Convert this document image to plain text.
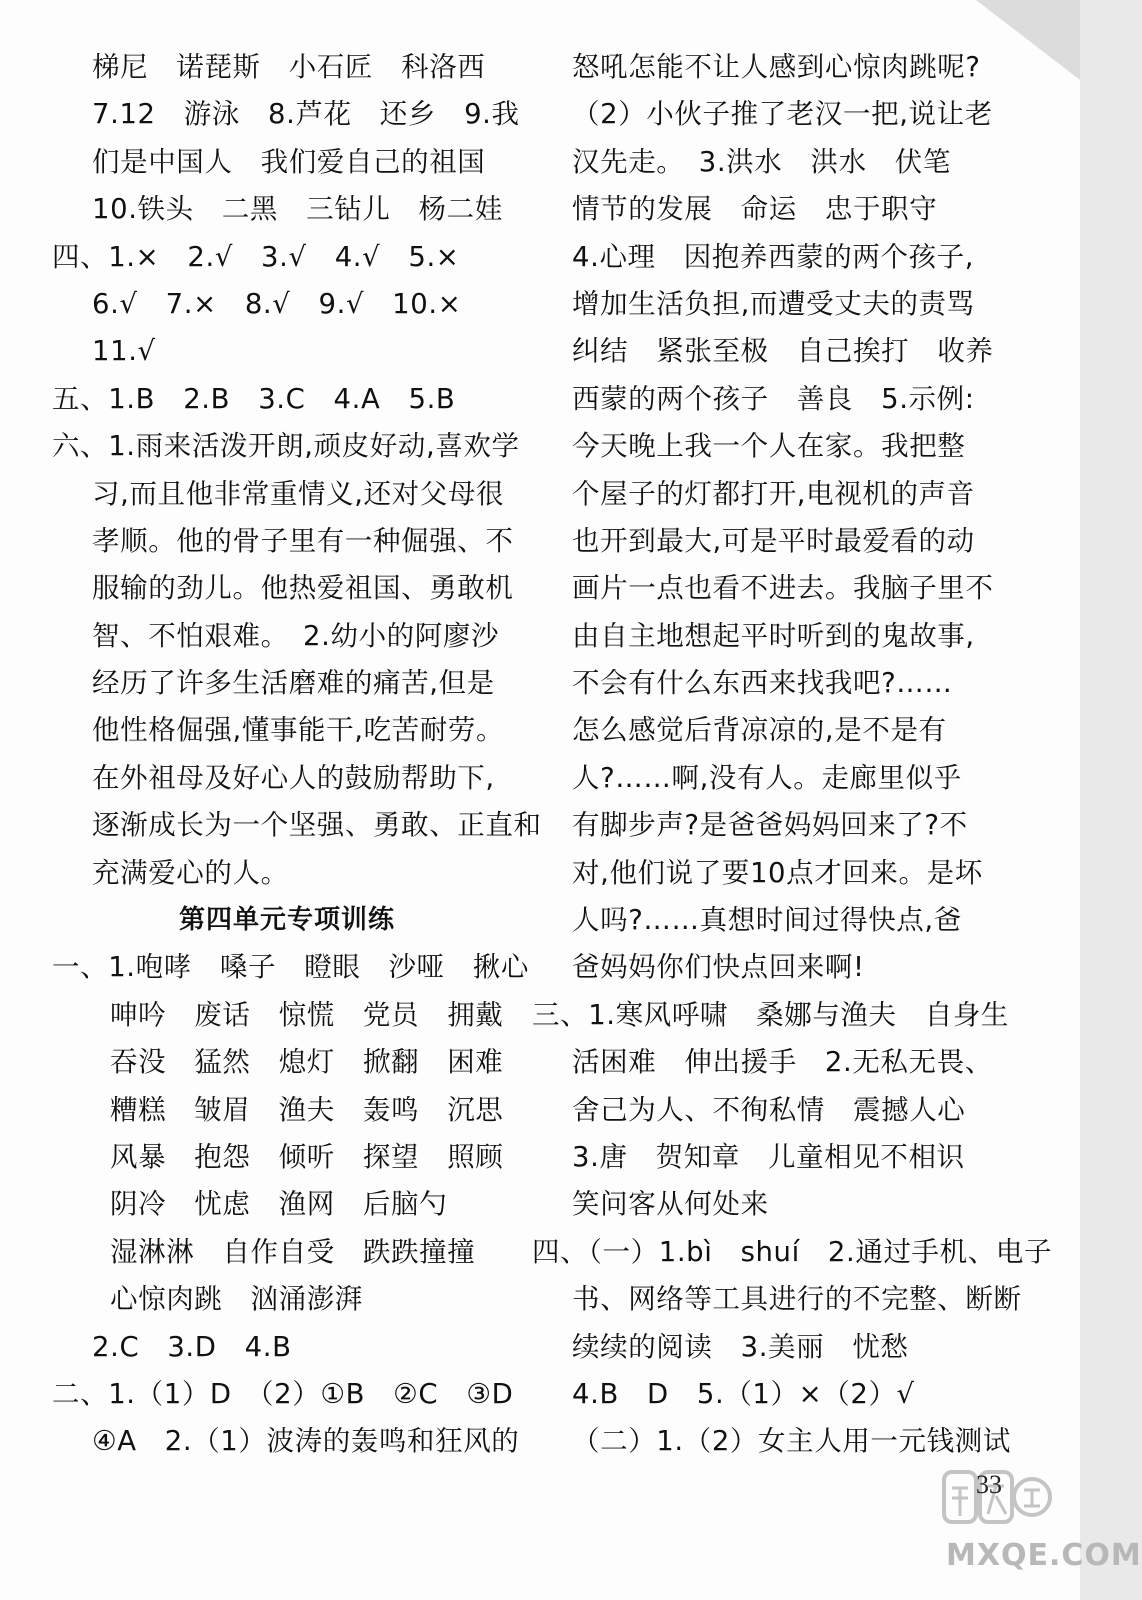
梯尼　诺琵斯　小石匠　科洛西
7.12　游泳　8.芦花　还乡　9.我
们是中国人　我们爱自己的祖国
10.铁头　二黑　三钻儿　杨二娃
四、1.×　2.√　3.√　4.√　5.×
6.√　7.×　8.√　9.√　10.×
11.√
五、1.B　2.B　3.C　4.A　5.B
六、1.雨来活泼开朗,顽皮好动,喜欢学
习,而且他非常重情义,还对父母很
孝顺。他的骨子里有一种倔强、不
服输的劲儿。他热爱祖国、勇敢机
智、不怕艰难。　2.幼小的阿廖沙
经历了许多生活磨难的痛苦,但是
他性格倔强,懂事能干,吃苦耐劳。
在外祖母及好心人的鼓励帮助下,
逐渐成长为一个坚强、勇敢、正直和
充满爱心的人。
第四单元专项训练
一、1.咆哮　嗓子　瞪眼　沙哑　揪心
呻吟　废话　惊慌　党员　拥戴
吞没　猛然　熄灯　掀翻　困难
糟糕　皱眉　渔夫　轰鸣　沉思
风暴　抱怨　倾听　探望　照顾
阴冷　忧虑　渔网　后脑勺
湿淋淋　自作自受　跌跌撞撞
心惊肉跳　汹涌澎湃
2.C　3.D　4.B
二、1.（1）D　（2）①B　②C　③D
④A　2.（1）波涛的轰鸣和狂风的
怒吼怎能不让人感到心惊肉跳呢?
（2）小伙子推了老汉一把,说让老
汉先走。　3.洪水　洪水　伏笔
情节的发展　命运　忠于职守
4.心理　因抱养西蒙的两个孩子,
增加生活负担,而遭受丈夫的责骂
纠结　紧张至极　自己挨打　收养
西蒙的两个孩子　善良　5.示例:
今天晚上我一个人在家。我把整
个屋子的灯都打开,电视机的声音
也开到最大,可是平时最爱看的动
画片一点也看不进去。我脑子里不
由自主地想起平时听到的鬼故事,
不会有什么东西来找我吧?……
怎么感觉后背凉凉的,是不是有
人?……啊,没有人。走廊里似乎
有脚步声?是爸爸妈妈回来了?不
对,他们说了要10点才回来。是坏
人吗?……真想时间过得快点,爸
爸妈妈你们快点回来啊!
三、1.寒风呼啸　桑娜与渔夫　自身生
活困难　伸出援手　2.无私无畏、
舍己为人、不徇私情　震撼人心
3.唐　贺知章　儿童相见不相识
笑问客从何处来
四、（一）1.bì　shuí　2.通过手机、电子
书、网络等工具进行的不完整、断断
续续的阅读　3.美丽　忧愁
4.B　D　5.（1）×（2）√
（二）1.（2）女主人用一元钱测试
MXQE.COM
33
